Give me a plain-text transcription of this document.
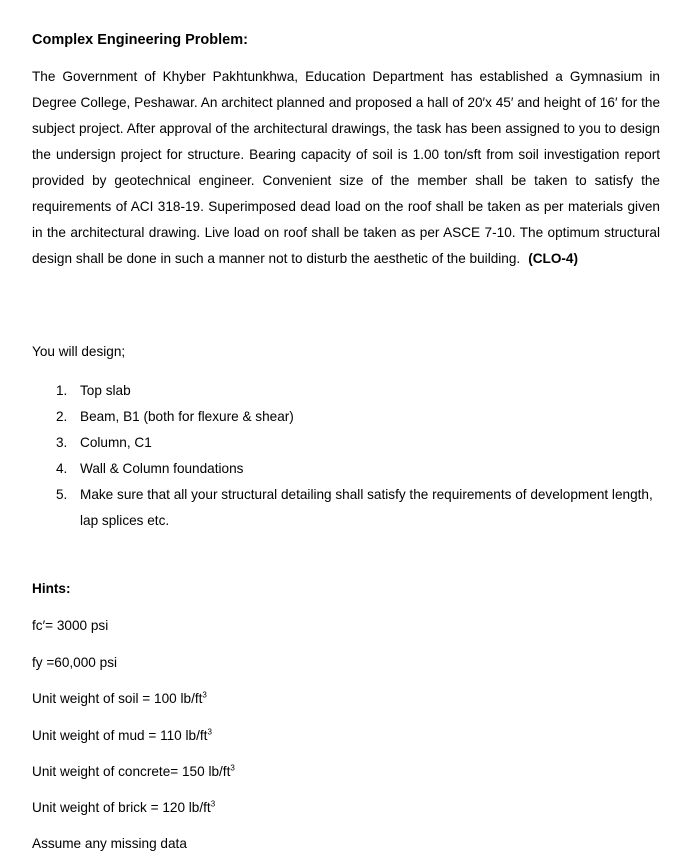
Complex Engineering Problem:

The Government of Khyber Pakhtunkhwa, Education Department has established a Gymnasium in Degree College, Peshawar. An architect planned and proposed a hall of 20′x 45′ and height of 16′ for the subject project. After approval of the architectural drawings, the task has been assigned to you to design the undersign project for structure. Bearing capacity of soil is 1.00 ton/sft from soil investigation report provided by geotechnical engineer. Convenient size of the member shall be taken to satisfy the requirements of ACI 318-19. Superimposed dead load on the roof shall be taken as per materials given in the architectural drawing. Live load on roof shall be taken as per ASCE 7-10. The optimum structural design shall be done in such a manner not to disturb the aesthetic of the building. (CLO-4)

You will design;

1. Top slab
2. Beam, B1 (both for flexure & shear)
3. Column, C1
4. Wall & Column foundations
5. Make sure that all your structural detailing shall satisfy the requirements of development length, lap splices etc.

Hints:

fc′= 3000 psi

fy =60,000 psi

Unit weight of soil = 100 $lb/ft^3$

Unit weight of mud = 110 $lb/ft^3$

Unit weight of concrete= 150 $lb/ft^3$

Unit weight of brick = 120 $lb/ft^3$

Assume any missing data
